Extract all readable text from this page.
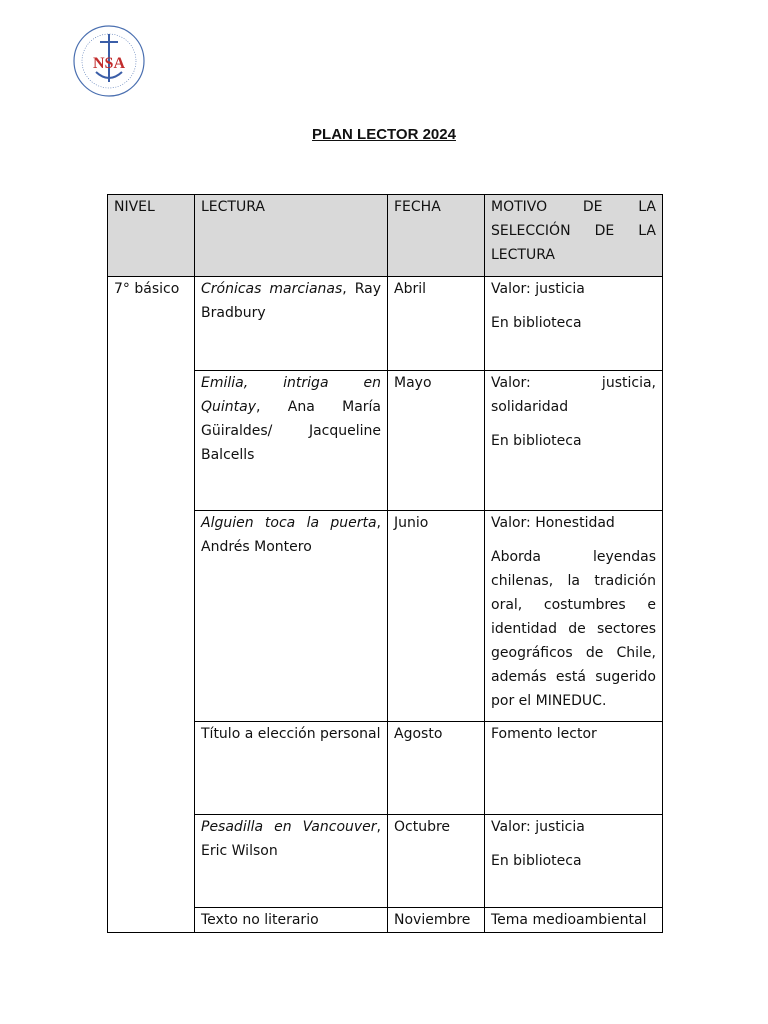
NSA
PLAN LECTOR 2024
NIVEL	LECTURA	FECHA	MOTIVO DE LA SELECCIÓN DE LA LECTURA
7° básico	Crónicas marcianas, Ray Bradbury	Abril	Valor: justicia

En biblioteca

	Emilia, intriga en Quintay, Ana María Güiraldes/ Jacqueline Balcells	Mayo	Valor: justicia, solidaridad

En biblioteca

	Alguien toca la puerta, Andrés Montero	Junio	Valor: Honestidad

Aborda leyendas chilenas, la tradición oral, costumbres e identidad de sectores geográficos de Chile, además está sugerido por el MINEDUC.

	Título a elección personal	Agosto	Fomento lector

	Pesadilla en Vancouver, Eric Wilson	Octubre	Valor: justicia

En biblioteca

	Texto no literario	Noviembre	Tema medioambiental
